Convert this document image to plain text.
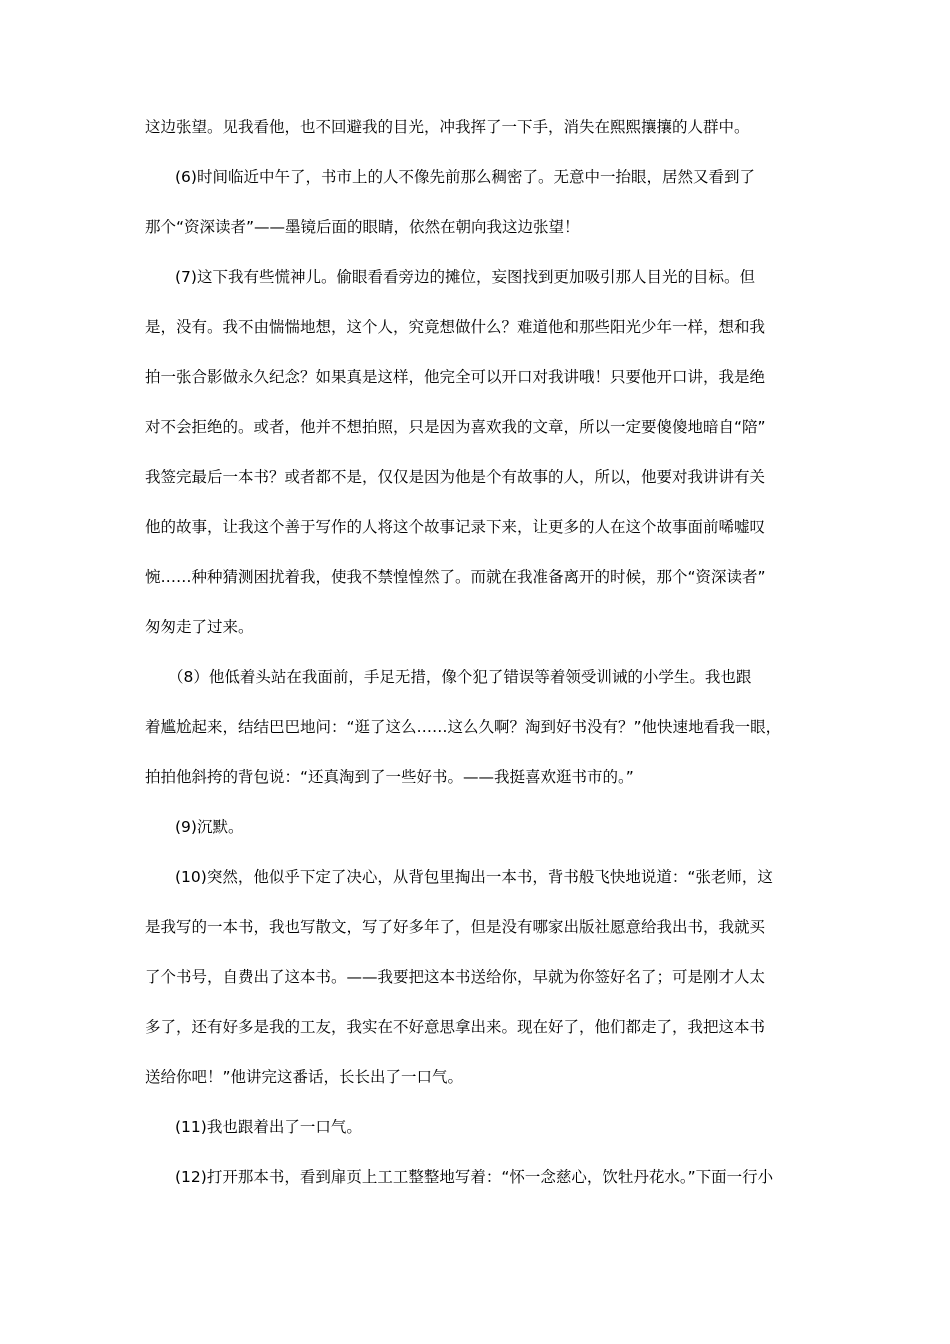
这边张望。见我看他，也不回避我的目光，冲我挥了一下手，消失在熙熙攘攘的人群中。
(6)时间临近中午了，书市上的人不像先前那么稠密了。无意中一抬眼，居然又看到了
那个“资深读者”——墨镜后面的眼睛，依然在朝向我这边张望！
(7)这下我有些慌神儿。偷眼看看旁边的摊位，妄图找到更加吸引那人目光的目标。但
是，没有。我不由惴惴地想，这个人，究竟想做什么？难道他和那些阳光少年一样，想和我
拍一张合影做永久纪念？如果真是这样，他完全可以开口对我讲哦！只要他开口讲，我是绝
对不会拒绝的。或者，他并不想拍照，只是因为喜欢我的文章，所以一定要傻傻地暗自“陪”
我签完最后一本书？或者都不是，仅仅是因为他是个有故事的人，所以，他要对我讲讲有关
他的故事，让我这个善于写作的人将这个故事记录下来，让更多的人在这个故事面前唏嘘叹
惋……种种猜测困扰着我，使我不禁惶惶然了。而就在我准备离开的时候，那个“资深读者”
匆匆走了过来。
（8）他低着头站在我面前，手足无措，像个犯了错误等着领受训诫的小学生。我也跟
着尴尬起来，结结巴巴地问：“逛了这么……这么久啊？淘到好书没有？”他快速地看我一眼，
拍拍他斜挎的背包说：“还真淘到了一些好书。——我挺喜欢逛书市的。”
(9)沉默。
(10)突然，他似乎下定了决心，从背包里掏出一本书，背书般飞快地说道：“张老师，这
是我写的一本书，我也写散文，写了好多年了，但是没有哪家出版社愿意给我出书，我就买
了个书号，自费出了这本书。——我要把这本书送给你，早就为你签好名了；可是刚才人太
多了，还有好多是我的工友，我实在不好意思拿出来。现在好了，他们都走了，我把这本书
送给你吧！”他讲完这番话，长长出了一口气。
(11)我也跟着出了一口气。
(12)打开那本书，看到扉页上工工整整地写着：“怀一念慈心，饮牡丹花水。”下面一行小
